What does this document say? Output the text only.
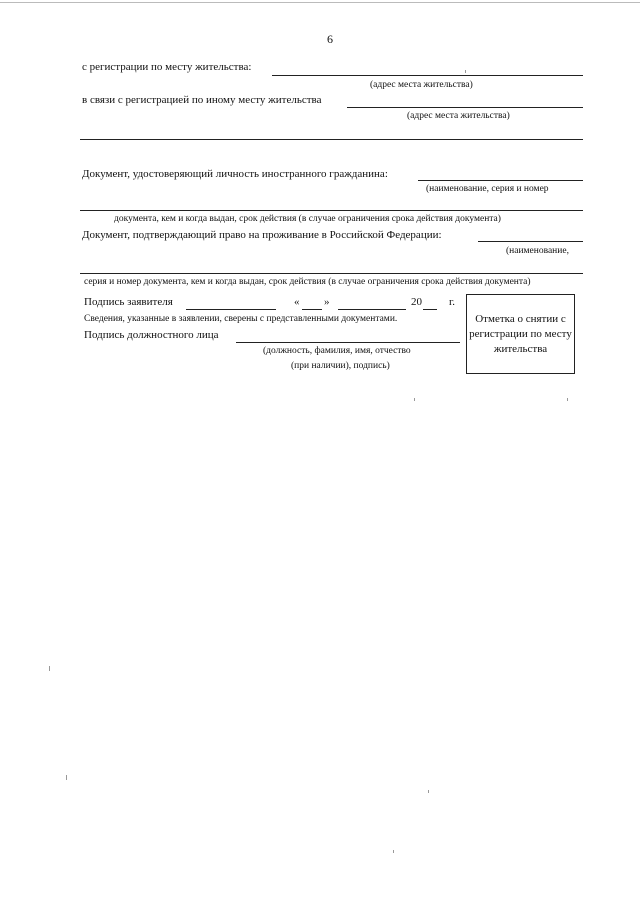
6
с регистрации по месту жительства:
(адрес места жительства)
в связи с регистрацией по иному месту жительства
(адрес места жительства)
Документ, удостоверяющий личность иностранного гражданина:
(наименование, серия и номер
документа, кем и когда выдан, срок действия (в случае ограничения срока действия документа)
Документ, подтверждающий право на проживание в Российской Федерации:
(наименование,
серия и номер документа, кем и когда выдан, срок действия (в случае ограничения срока действия документа)
Подпись заявителя	« »	20 г.
Сведения, указанные в заявлении, сверены с представленными документами.
Подпись должностного лица
(должность, фамилия, имя, отчество
(при наличии), подпись)
Отметка о снятии с
регистрации по месту
жительства
